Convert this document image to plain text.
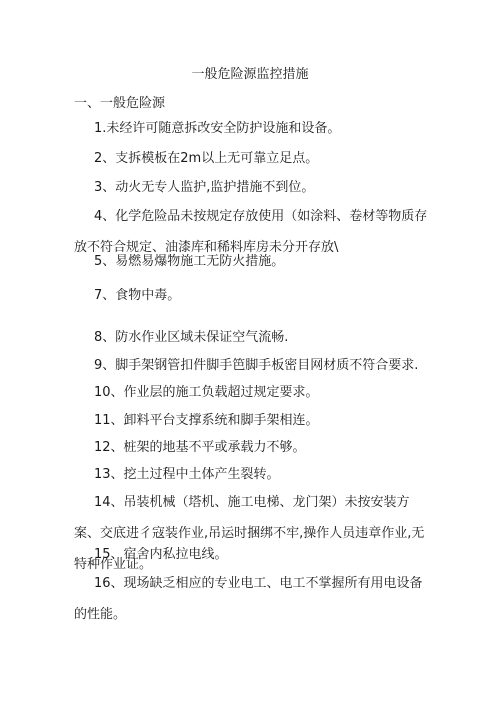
一般危险源监控措施
一、一般危险源
1.未经许可随意拆改安全防护设施和设备。
2、支拆模板在2m以上无可靠立足点。
3、动火无专人监护,监护措施不到位。
4、化学危险品未按规定存放使用（如涂料、卷材等物质存放不符合规定、油漆库和稀料库房未分开存放\
5、易燃易爆物施工无防火措施。
7、食物中毒。
8、防水作业区域未保证空气流畅.
9、脚手架钢管扣件脚手笆脚手板密目网材质不符合要求.
10、作业层的施工负载超过规定要求。
11、卸料平台支撑系统和脚手架相连。
12、桩架的地基不平或承载力不够。
13、挖土过程中土体产生裂转。
14、吊装机械（塔机、施工电梯、龙门架）未按安装方案、交底进彳寇装作业,吊运时捆绑不牢,操作人员违章作业,无特种作业证。
15、宿舍内私拉电线。
16、现场缺乏相应的专业电工、电工不掌握所有用电设备的性能。
